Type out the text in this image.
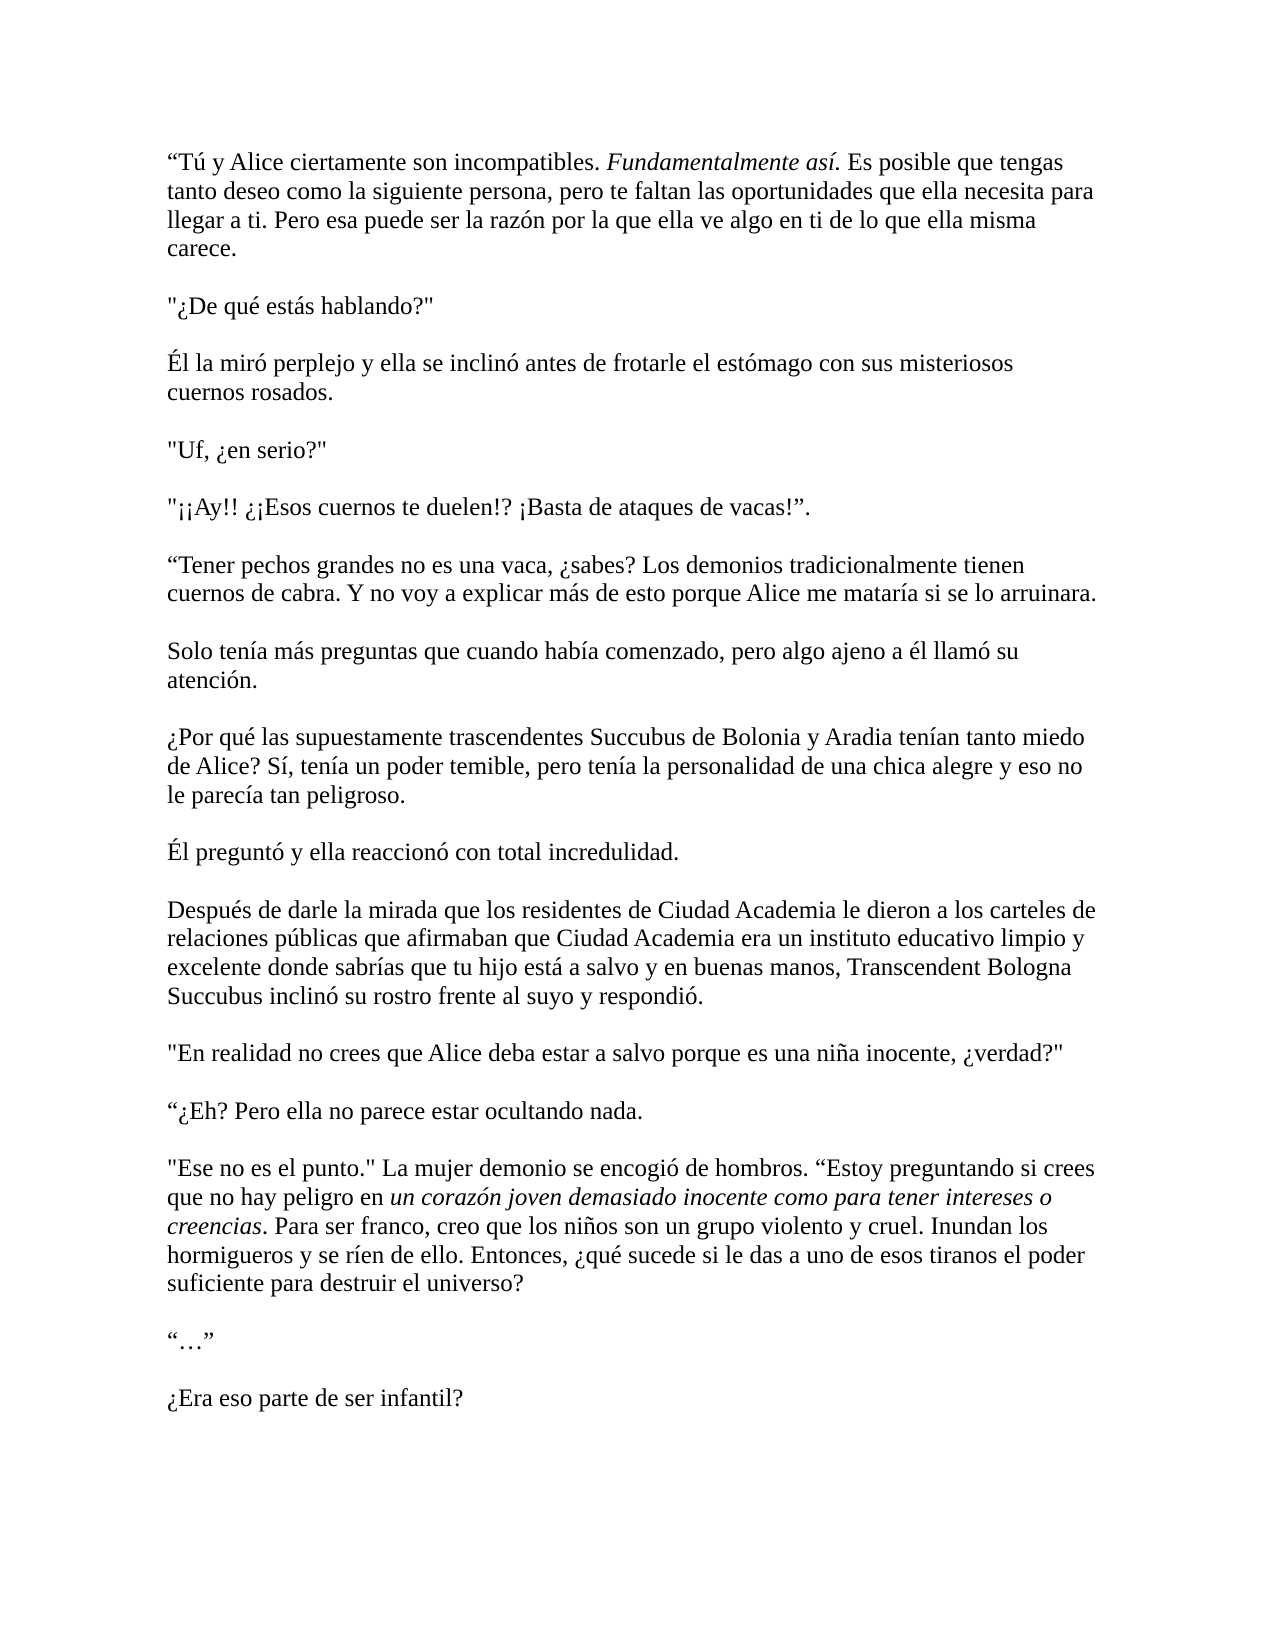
“Tú y Alice ciertamente son incompatibles. Fundamentalmente así. Es posible que tengas tanto deseo como la siguiente persona, pero te faltan las oportunidades que ella necesita para llegar a ti. Pero esa puede ser la razón por la que ella ve algo en ti de lo que ella misma carece.

"¿De qué estás hablando?"

Él la miró perplejo y ella se inclinó antes de frotarle el estómago con sus misteriosos cuernos rosados.

"Uf, ¿en serio?"

"¡¡Ay!! ¿¡Esos cuernos te duelen!? ¡Basta de ataques de vacas!”.

“Tener pechos grandes no es una vaca, ¿sabes? Los demonios tradicionalmente tienen cuernos de cabra. Y no voy a explicar más de esto porque Alice me mataría si se lo arruinara.

Solo tenía más preguntas que cuando había comenzado, pero algo ajeno a él llamó su atención.

¿Por qué las supuestamente trascendentes Succubus de Bolonia y Aradia tenían tanto miedo de Alice? Sí, tenía un poder temible, pero tenía la personalidad de una chica alegre y eso no le parecía tan peligroso.

Él preguntó y ella reaccionó con total incredulidad.

Después de darle la mirada que los residentes de Ciudad Academia le dieron a los carteles de relaciones públicas que afirmaban que Ciudad Academia era un instituto educativo limpio y excelente donde sabrías que tu hijo está a salvo y en buenas manos, Transcendent Bologna Succubus inclinó su rostro frente al suyo y respondió.

"En realidad no crees que Alice deba estar a salvo porque es una niña inocente, ¿verdad?"

“¿Eh? Pero ella no parece estar ocultando nada.

"Ese no es el punto." La mujer demonio se encogió de hombros. “Estoy preguntando si crees que no hay peligro en un corazón joven demasiado inocente como para tener intereses o creencias. Para ser franco, creo que los niños son un grupo violento y cruel. Inundan los hormigueros y se ríen de ello. Entonces, ¿qué sucede si le das a uno de esos tiranos el poder suficiente para destruir el universo?

“…”

¿Era eso parte de ser infantil?
